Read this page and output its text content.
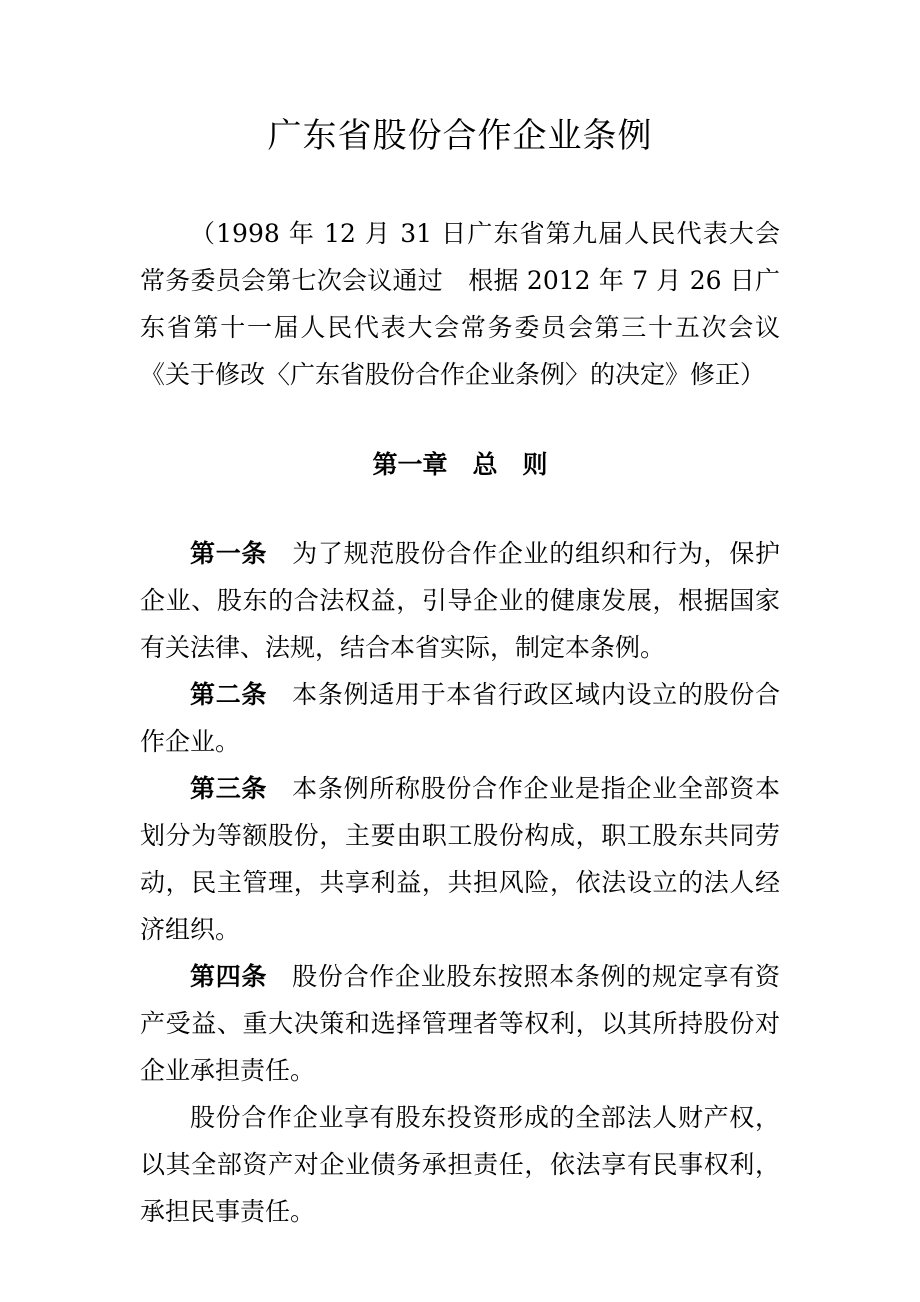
广东省股份合作企业条例
（1998 年 12 月 31 日广东省第九届人民代表大会常务委员会第七次会议通过　根据 2012 年 7 月 26 日广东省第十一届人民代表大会常务委员会第三十五次会议《关于修改〈广东省股份合作企业条例〉的决定》修正）
第一章　总　则

第一条 为了规范股份合作企业的组织和行为，保护企业、股东的合法权益，引导企业的健康发展，根据国家有关法律、法规，结合本省实际，制定本条例。

第二条 本条例适用于本省行政区域内设立的股份合作企业。

第三条 本条例所称股份合作企业是指企业全部资本划分为等额股份，主要由职工股份构成，职工股东共同劳动，民主管理，共享利益，共担风险，依法设立的法人经济组织。

第四条 股份合作企业股东按照本条例的规定享有资产受益、重大决策和选择管理者等权利，以其所持股份对企业承担责任。

股份合作企业享有股东投资形成的全部法人财产权，以其全部资产对企业债务承担责任，依法享有民事权利，承担民事责任。
